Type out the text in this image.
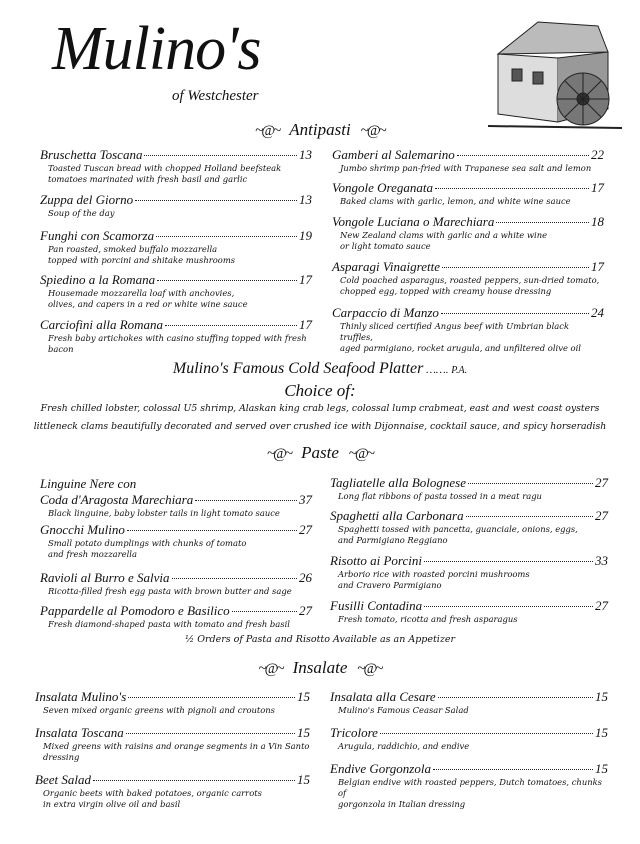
Mulino's
of Westchester
~@~ Antipasti ~@~
Bruschetta Toscana	13
Toasted Tuscan bread with chopped Holland beefsteak
tomatoes marinated with fresh basil and garlic
Zuppa del Giorno	13
Soup of the day
Funghi con Scamorza	19
Pan roasted, smoked buffalo mozzarella
topped with porcini and shitake mushrooms
Spiedino a la Romana	17
Housemade mozzarella loaf with anchovies,
olives, and capers in a red or white wine sauce
Carciofini alla Romana	17
Fresh baby artichokes with casino stuffing topped with fresh bacon
Gamberi al Salemarino	22
Jumbo shrimp pan-fried with Trapanese sea salt and lemon
Vongole Oreganata	17
Baked clams with garlic, lemon, and white wine sauce
Vongole Luciana o Marechiara	18
New Zealand clams with garlic and a white wine
or light tomato sauce
Asparagi Vinaigrette	17
Cold poached asparagus, roasted peppers, sun-dried tomato,
chopped egg, topped with creamy house dressing
Carpaccio di Manzo	24
Thinly sliced certified Angus beef with Umbrian black truffles,
aged parmigiano, rocket arugula, and unfiltered olive oil
Mulino's Famous Cold Seafood Platter ……. P.A.
Choice of:
Fresh chilled lobster, colossal U5 shrimp, Alaskan king crab legs, colossal lump crabmeat, east and west coast oysters
littleneck clams beautifully decorated and served over crushed ice with Dijonnaise, cocktail sauce, and spicy horseradish
~@~ Paste ~@~
Linguine Nere con
Coda d'Aragosta Marechiara	37
Black linguine, baby lobster tails in light tomato sauce
Gnocchi Mulino	27
Small potato dumplings with chunks of tomato
and fresh mozzarella
Ravioli al Burro e Salvia	26
Ricotta-filled fresh egg pasta with brown butter and sage
Pappardelle al Pomodoro e Basilico	27
Fresh diamond-shaped pasta with tomato and fresh basil
Tagliatelle alla Bolognese	27
Long flat ribbons of pasta tossed in a meat ragu
Spaghetti alla Carbonara	27
Spaghetti tossed with pancetta, guanciale, onions, eggs,
and Parmigiano Reggiano
Risotto ai Porcini	33
Arborio rice with roasted porcini mushrooms
and Cravero Parmigiano
Fusilli Contadina	27
Fresh tomato, ricotta and fresh asparagus
½ Orders of Pasta and Risotto Available as an Appetizer
~@~ Insalate ~@~
Insalata Mulino's	15
Seven mixed organic greens with pignoli and croutons
Insalata Toscana	15
Mixed greens with raisins and orange segments in a Vin Santo
dressing
Beet Salad	15
Organic beets with baked potatoes, organic carrots
in extra virgin olive oil and basil
Insalata alla Cesare	15
Mulino's Famous Ceasar Salad
Tricolore	15
Arugula, raddichio, and endive
Endive Gorgonzola	15
Belgian endive with roasted peppers, Dutch tomatoes, chunks of
gorgonzola in Italian dressing
